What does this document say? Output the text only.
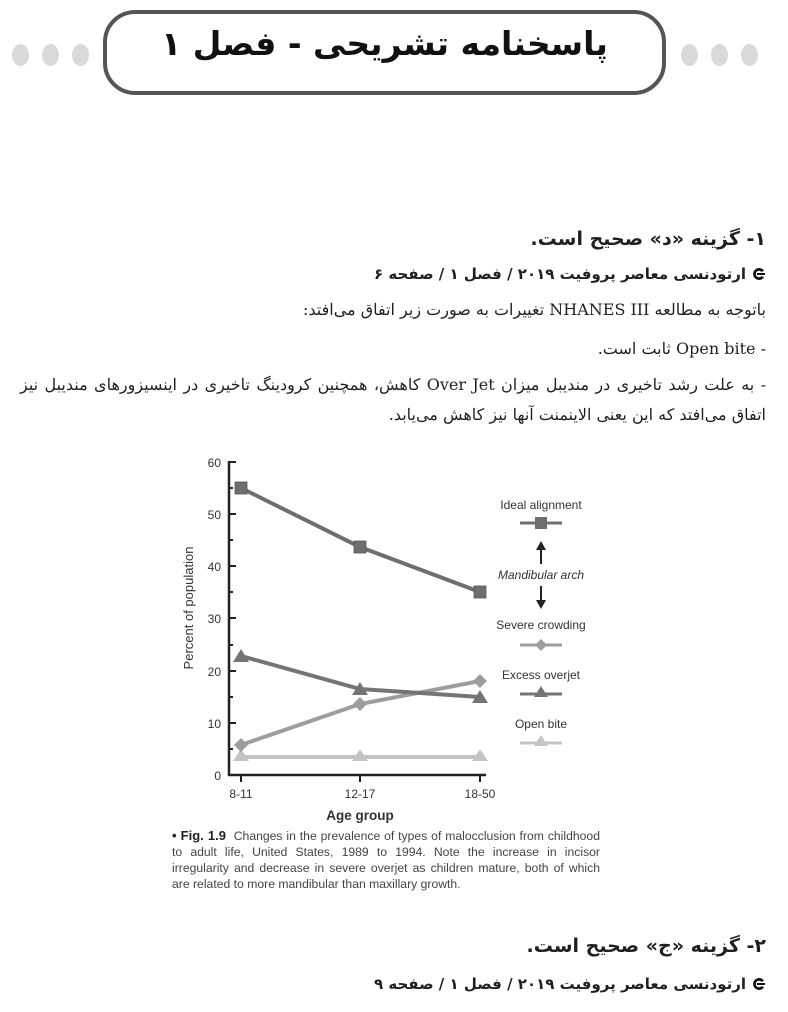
پاسخنامه تشریحی - فصل ۱
۱- گزینه «د» صحیح است.
ارتودنسی معاصر پروفیت ۲۰۱۹ / فصل ۱ / صفحه ۶
باتوجه به مطالعه NHANES III تغییرات به صورت زیر اتفاق می‌افتد:
- Open bite ثابت است.
- به علت رشد تاخیری در مندیبل میزان Over Jet کاهش، همچنین کرودینگ تاخیری در اینسیزورهای مندیبل نیز اتفاق می‌افتد که این یعنی الاینمنت آنها نیز کاهش می‌یابد.
60
50
40
30
20
10
0
8-11	12-17	18-50
Age group
Percent of population
Ideal alignment
Mandibular arch
Severe crowding
Excess overjet
Open bite
• Fig. 1.9 Changes in the prevalence of types of malocclusion from childhood to adult life, United States, 1989 to 1994. Note the increase in incisor irregularity and decrease in severe overjet as children mature, both of which are related to more mandibular than maxillary growth.
۲- گزینه «ج» صحیح است.
ارتودنسی معاصر پروفیت ۲۰۱۹ / فصل ۱ / صفحه ۹
